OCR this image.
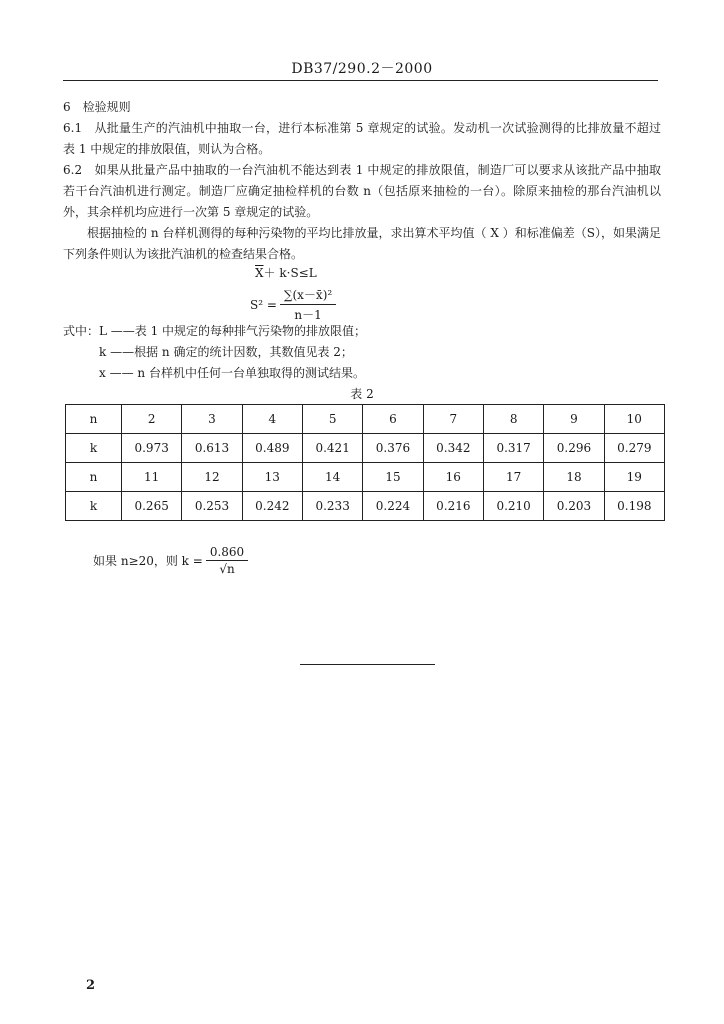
DB37/290.2－2000
6　检验规则

6.1　从批量生产的汽油机中抽取一台，进行本标准第 5 章规定的试验。发动机一次试验测得的比排放量不超过表 1 中规定的排放限值，则认为合格。

6.2　如果从批量产品中抽取的一台汽油机不能达到表 1 中规定的排放限值，制造厂可以要求从该批产品中抽取若干台汽油机进行测定。制造厂应确定抽检样机的台数 n（包括原来抽检的一台）。除原来抽检的那台汽油机以外，其余样机均应进行一次第 5 章规定的试验。

根据抽检的 n 台样机测得的每种污染物的平均比排放量，求出算术平均值（ X ）和标准偏差（S），如果满足下列条件则认为该批汽油机的检查结果合格。

$\overline{X}+ k\cdot S\le L$
$S^2 = \frac{\text{∑(x－x̄)²}}{n-1}$
式中：L ——表 1 中规定的每种排气污染物的排放限值；
k ——根据 n 确定的统计因数，其数值见表 2；
x —— n 台样机中任何一台单独取得的测试结果。
表 2
n	2	3	4	5	6	7	8	9	10
k	0.973	0.613	0.489	0.421	0.376	0.342	0.317	0.296	0.279
n	11	12	13	14	15	16	17	18	19
k	0.265	0.253	0.242	0.233	0.224	0.216	0.210	0.203	0.198
如果 n≥20，则 $k = \frac{0.860}{√n}$
2
